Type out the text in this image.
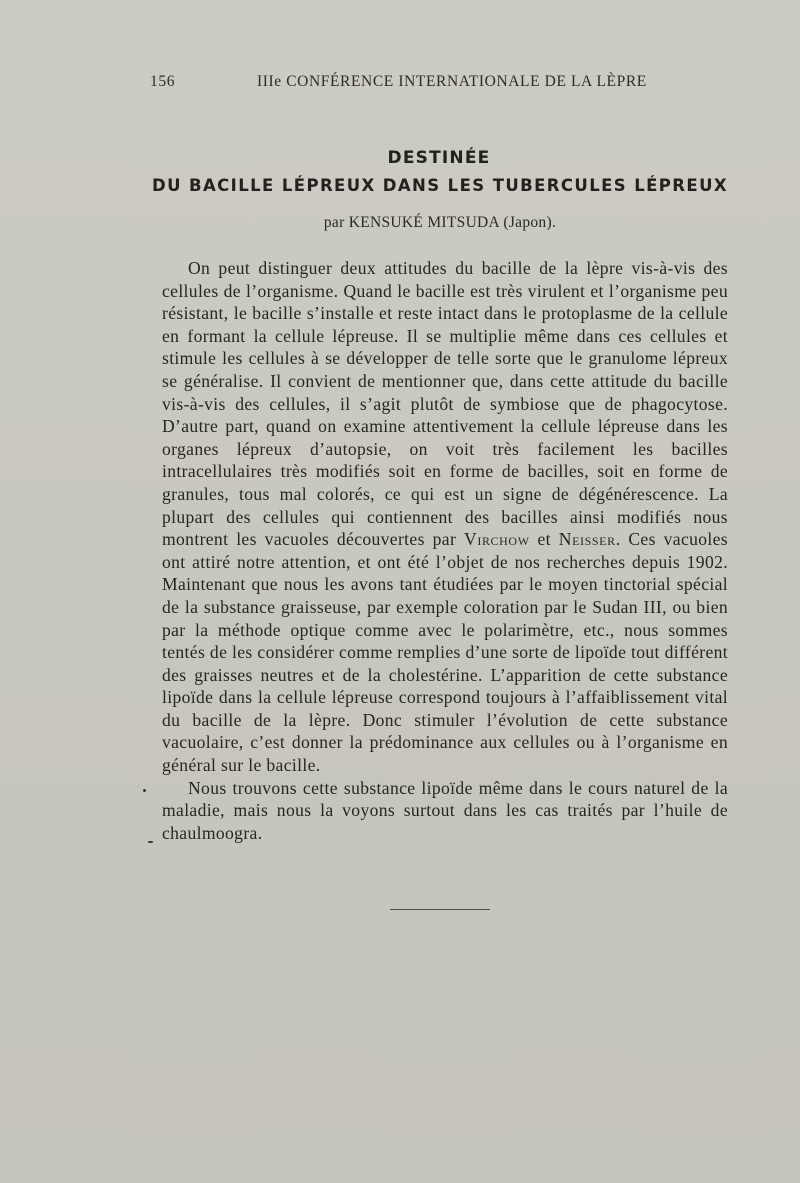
156	IIIe CONFÉRENCE INTERNATIONALE DE LA LÈPRE
DESTINÉE
DU BACILLE LÉPREUX DANS LES TUBERCULES LÉPREUX
par KENSUKÉ MITSUDA (Japon).

On peut distinguer deux attitudes du bacille de la lèpre vis-à-vis des cellules de l’organisme. Quand le bacille est très virulent et l’organisme peu résistant, le bacille s’installe et reste intact dans le protoplasme de la cellule en formant la cellule lépreuse. Il se multiplie même dans ces cellules et stimule les cellules à se développer de telle sorte que le granulome lépreux se généralise. Il convient de mentionner que, dans cette attitude du bacille vis-à-vis des cellules, il s’agit plutôt de symbiose que de phagocytose. D’autre part, quand on examine attentivement la cellule lépreuse dans les organes lépreux d’autopsie, on voit très facilement les bacilles intracellulaires très modifiés soit en forme de bacilles, soit en forme de granules, tous mal colorés, ce qui est un signe de dégénérescence. La plupart des cellules qui contiennent des bacilles ainsi modifiés nous montrent les vacuoles découvertes par Virchow et Neisser. Ces vacuoles ont attiré notre attention, et ont été l’objet de nos recherches depuis 1902. Maintenant que nous les avons tant étudiées par le moyen tinctorial spécial de la substance graisseuse, par exemple coloration par le Sudan III, ou bien par la méthode optique comme avec le polarimètre, etc., nous sommes tentés de les considérer comme remplies d’une sorte de lipoïde tout différent des graisses neutres et de la cholestérine. L’apparition de cette substance lipoïde dans la cellule lépreuse correspond toujours à l’affaiblissement vital du bacille de la lèpre. Donc stimuler l’évolution de cette substance vacuolaire, c’est donner la prédominance aux cellules ou à l’organisme en général sur le bacille.

Nous trouvons cette substance lipoïde même dans le cours naturel de la maladie, mais nous la voyons surtout dans les cas traités par l’huile de chaulmoogra.
